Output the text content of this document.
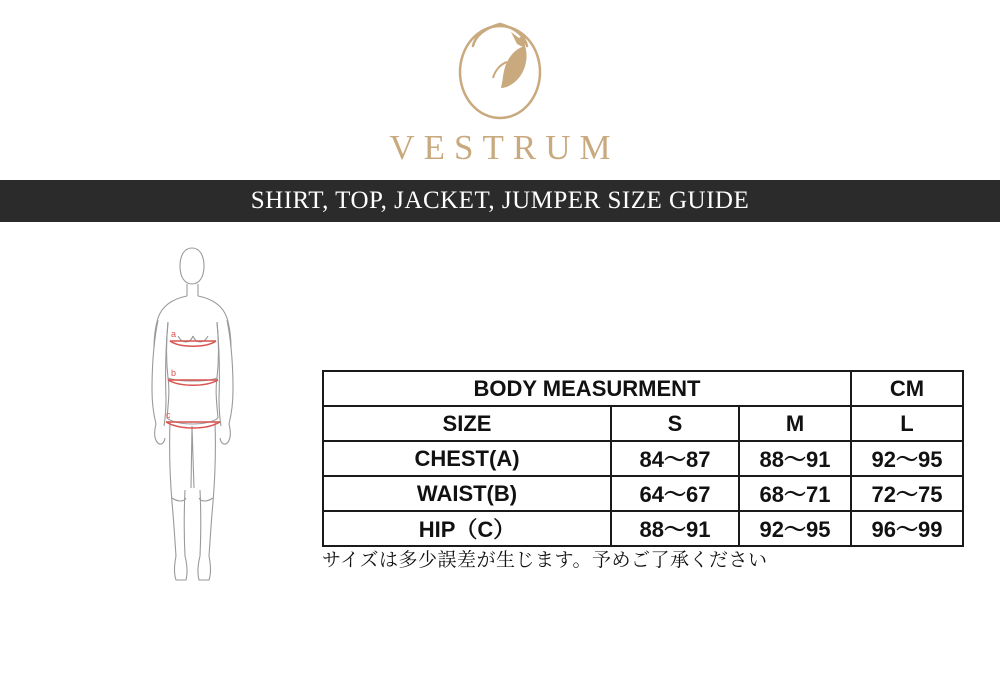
VESTRUM
SHIRT, TOP, JACKET, JUMPER SIZE GUIDE
a
b
c
BODY MEASURMENT			CM
SIZE	S	M	L
CHEST(A)	84〜87	88〜91	92〜95
WAIST(B)	64〜67	68〜71	72〜75
HIP（C）	88〜91	92〜95	96〜99
サイズは多少誤差が生じます。予めご了承ください
